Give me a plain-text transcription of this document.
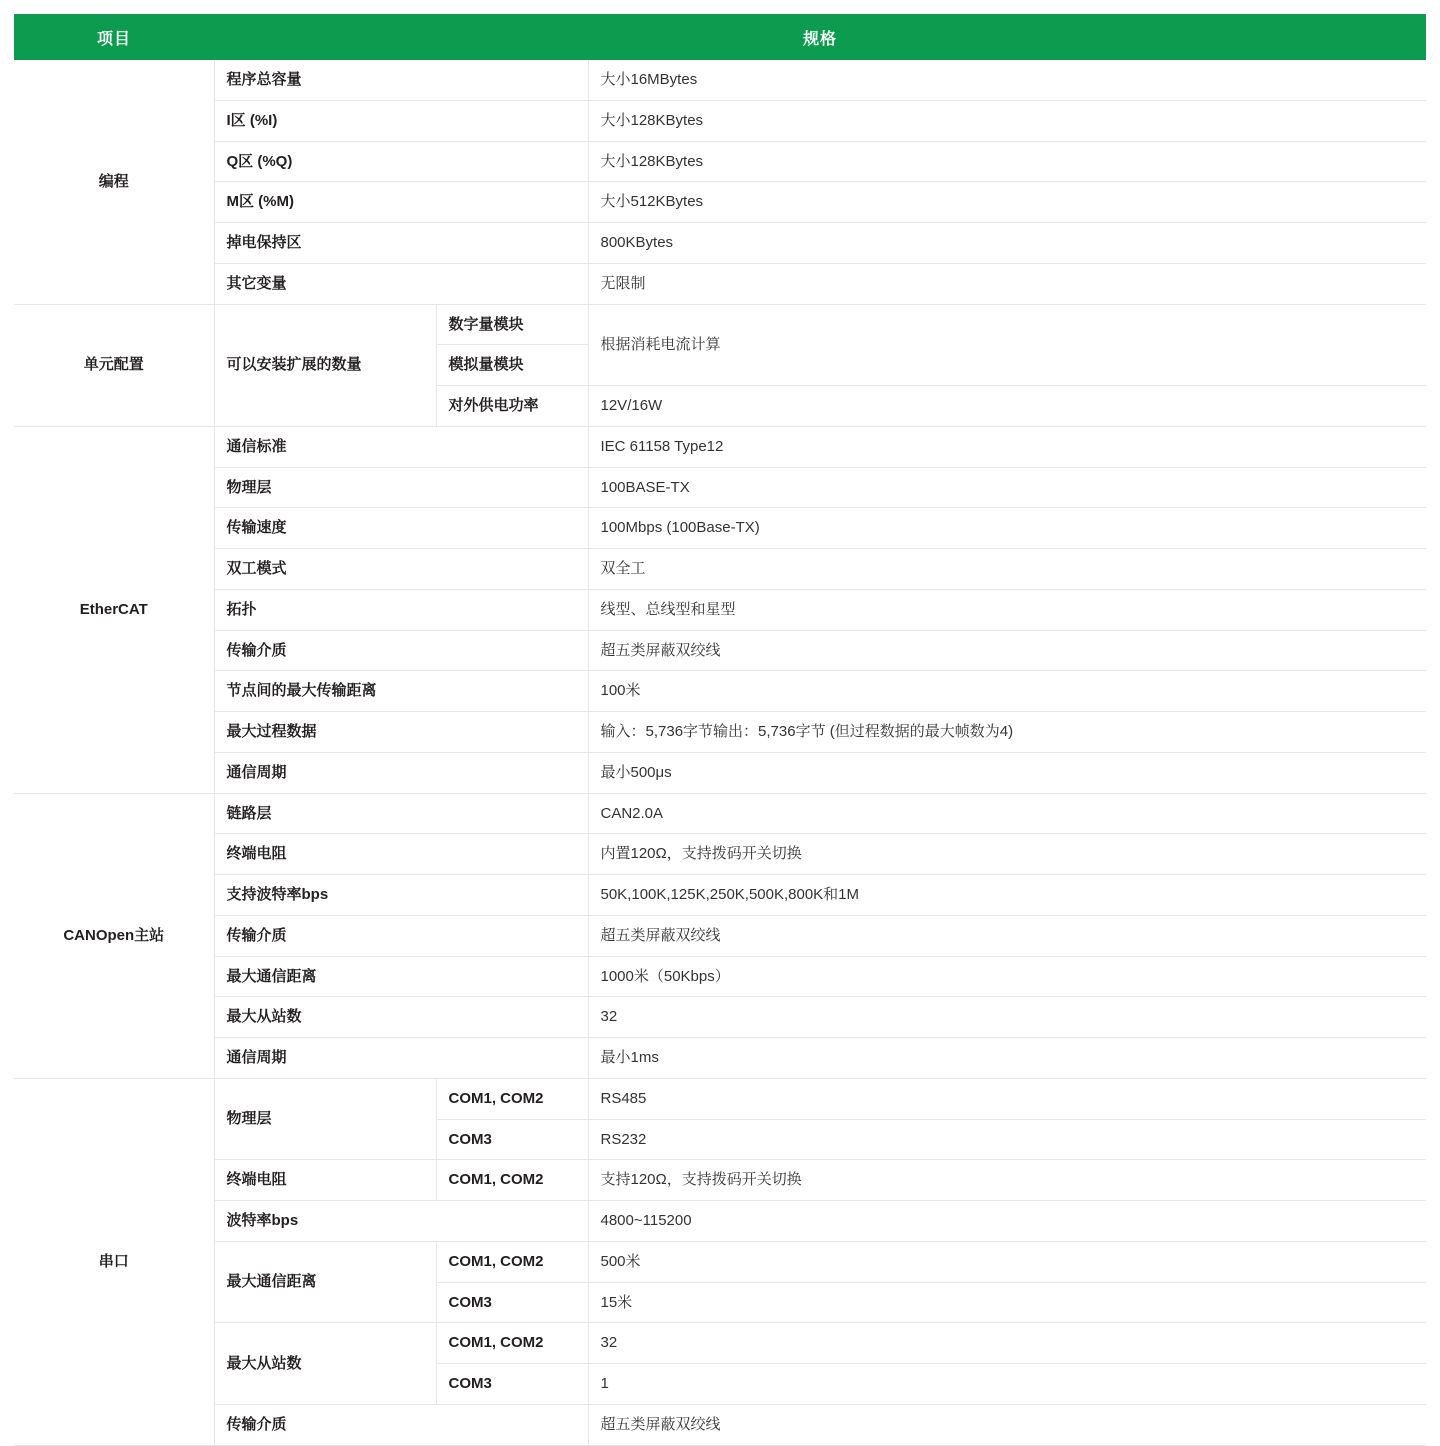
项目	规格		
编程	程序总容量		大小16MBytes
	I区 (%I)		大小128KBytes
	Q区 (%Q)		大小128KBytes
	M区 (%M)		大小512KBytes
	掉电保持区		800KBytes
	其它变量		无限制
单元配置	可以安装扩展的数量	数字量模块	根据消耗电流计算
		模拟量模块	
		对外供电功率	12V/16W
EtherCAT	通信标准		IEC 61158 Type12
	物理层		100BASE-TX
	传输速度		100Mbps (100Base-TX)
	双工模式		双全工
	拓扑		线型、总线型和星型
	传输介质		超五类屏蔽双绞线
	节点间的最大传输距离		100米
	最大过程数据		输入：5,736字节输出：5,736字节 (但过程数据的最大帧数为4)
	通信周期		最小500μs
CANOpen主站	链路层		CAN2.0A
	终端电阻		内置120Ω，支持拨码开关切换
	支持波特率bps		50K,100K,125K,250K,500K,800K和1M
	传输介质		超五类屏蔽双绞线
	最大通信距离		1000米（50Kbps）
	最大从站数		32
	通信周期		最小1ms
串口	物理层	COM1, COM2	RS485
		COM3	RS232
	终端电阻	COM1, COM2	支持120Ω，支持拨码开关切换
	波特率bps		4800~115200
	最大通信距离	COM1, COM2	500米
		COM3	15米
	最大从站数	COM1, COM2	32
		COM3	1
	传输介质		超五类屏蔽双绞线
